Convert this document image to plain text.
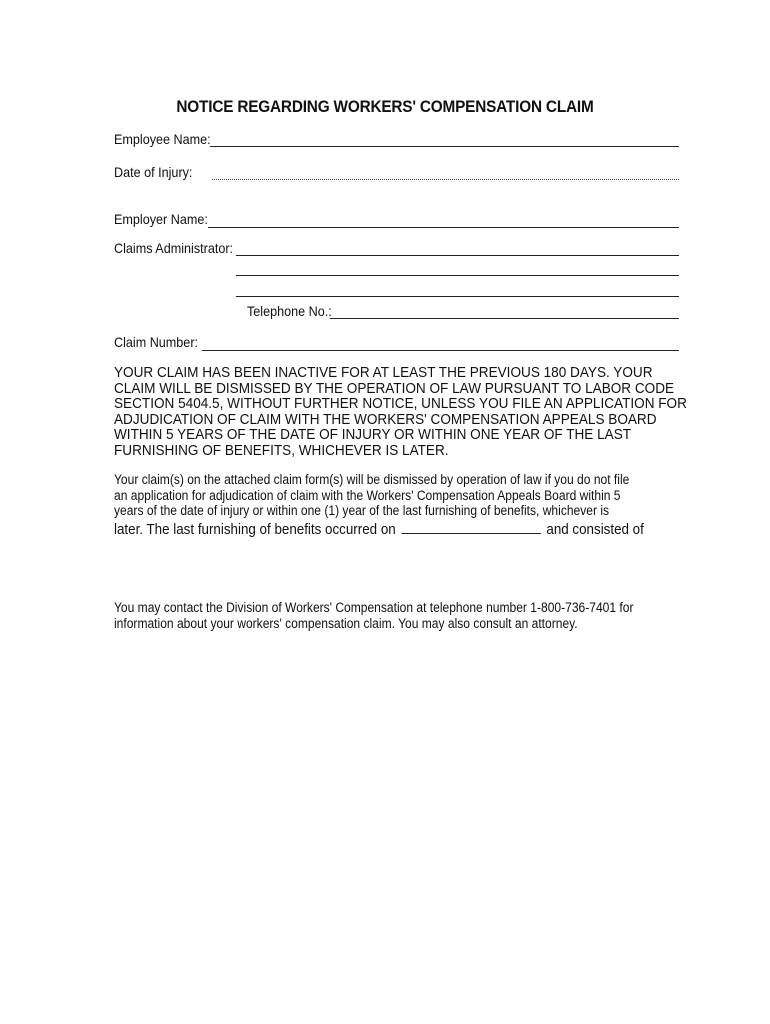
NOTICE REGARDING WORKERS' COMPENSATION CLAIM
Employee Name:
Date of Injury:
Employer Name:
Claims Administrator:
Telephone No.:
Claim Number:
YOUR CLAIM HAS BEEN INACTIVE FOR AT LEAST THE PREVIOUS 180 DAYS. YOUR
CLAIM WILL BE DISMISSED BY THE OPERATION OF LAW PURSUANT TO LABOR CODE
SECTION 5404.5, WITHOUT FURTHER NOTICE, UNLESS YOU FILE AN APPLICATION FOR
ADJUDICATION OF CLAIM WITH THE WORKERS' COMPENSATION APPEALS BOARD
WITHIN 5 YEARS OF THE DATE OF INJURY OR WITHIN ONE YEAR OF THE LAST
FURNISHING OF BENEFITS, WHICHEVER IS LATER.
Your claim(s) on the attached claim form(s) will be dismissed by operation of law if you do not file
an application for adjudication of claim with the Workers' Compensation Appeals Board within 5
years of the date of injury or within one (1) year of the last furnishing of benefits, whichever is
later. The last furnishing of benefits occurred on	and consisted of
You may contact the Division of Workers' Compensation at telephone number 1-800-736-7401 for
information about your workers' compensation claim. You may also consult an attorney.
